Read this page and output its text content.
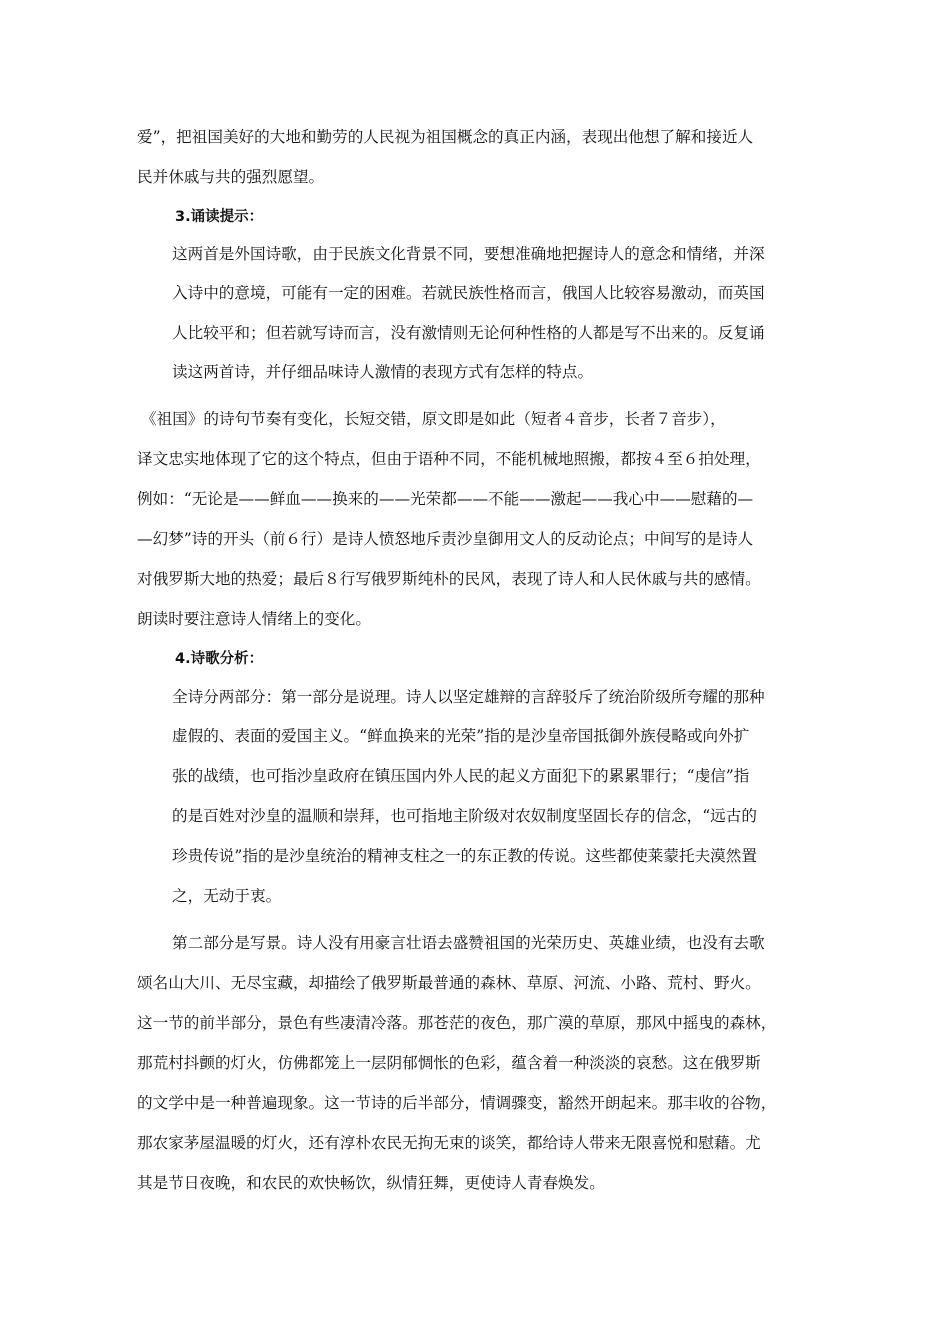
爱”，把祖国美好的大地和勤劳的人民视为祖国概念的真正内涵，表现出他想了解和接近人
民并休戚与共的强烈愿望。
3.诵读提示：
这两首是外国诗歌，由于民族文化背景不同，要想准确地把握诗人的意念和情绪，并深
入诗中的意境，可能有一定的困难。若就民族性格而言，俄国人比较容易激动，而英国
人比较平和；但若就写诗而言，没有激情则无论何种性格的人都是写不出来的。反复诵
读这两首诗，并仔细品味诗人激情的表现方式有怎样的特点。
《祖国》的诗句节奏有变化，长短交错，原文即是如此（短者４音步，长者７音步），
译文忠实地体现了它的这个特点，但由于语种不同，不能机械地照搬，都按４至６拍处理，
例如：“无论是——鲜血——换来的——光荣都——不能——激起——我心中——慰藉的—
—幻梦”诗的开头（前６行）是诗人愤怒地斥责沙皇御用文人的反动论点；中间写的是诗人
对俄罗斯大地的热爱；最后８行写俄罗斯纯朴的民风，表现了诗人和人民休戚与共的感情。
朗读时要注意诗人情绪上的变化。
4.诗歌分析：
全诗分两部分：第一部分是说理。诗人以坚定雄辩的言辞驳斥了统治阶级所夸耀的那种
虚假的、表面的爱国主义。“鲜血换来的光荣”指的是沙皇帝国抵御外族侵略或向外扩
张的战绩，也可指沙皇政府在镇压国内外人民的起义方面犯下的累累罪行；“虔信”指
的是百姓对沙皇的温顺和崇拜，也可指地主阶级对农奴制度坚固长存的信念，“远古的
珍贵传说”指的是沙皇统治的精神支柱之一的东正教的传说。这些都使莱蒙托夫漠然置
之，无动于衷。
第二部分是写景。诗人没有用豪言壮语去盛赞祖国的光荣历史、英雄业绩，也没有去歌
颂名山大川、无尽宝藏，却描绘了俄罗斯最普通的森林、草原、河流、小路、荒村、野火。
这一节的前半部分，景色有些凄清冷落。那苍茫的夜色，那广漠的草原，那风中摇曳的森林，
那荒村抖颤的灯火，仿佛都笼上一层阴郁惆怅的色彩，蕴含着一种淡淡的哀愁。这在俄罗斯
的文学中是一种普遍现象。这一节诗的后半部分，情调骤变，豁然开朗起来。那丰收的谷物，
那农家茅屋温暖的灯火，还有淳朴农民无拘无束的谈笑，都给诗人带来无限喜悦和慰藉。尤
其是节日夜晚，和农民的欢快畅饮，纵情狂舞，更使诗人青春焕发。
